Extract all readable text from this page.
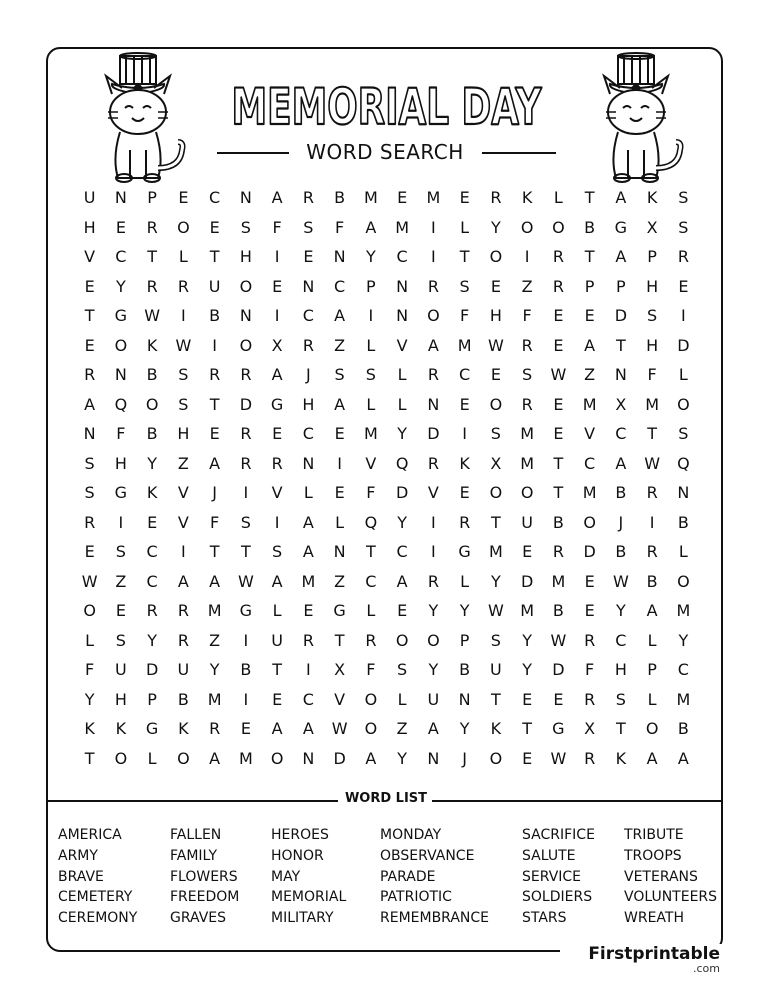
MEMORIAL DAY
WORD SEARCH
U	N	P	E	C	N	A	R	B	M	E	M	E	R	K	L	T	A	K	S
H	E	R	O	E	S	F	S	F	A	M	I	L	Y	O	O	B	G	X	S
V	C	T	L	T	H	I	E	N	Y	C	I	T	O	I	R	T	A	P	R
E	Y	R	R	U	O	E	N	C	P	N	R	S	E	Z	R	P	P	H	E
T	G	W	I	B	N	I	C	A	I	N	O	F	H	F	E	E	D	S	I
E	O	K	W	I	O	X	R	Z	L	V	A	M	W	R	E	A	T	H	D
R	N	B	S	R	R	A	J	S	S	L	R	C	E	S	W	Z	N	F	L
A	Q	O	S	T	D	G	H	A	L	L	N	E	O	R	E	M	X	M	O
N	F	B	H	E	R	E	C	E	M	Y	D	I	S	M	E	V	C	T	S
S	H	Y	Z	A	R	R	N	I	V	Q	R	K	X	M	T	C	A	W	Q
S	G	K	V	J	I	V	L	E	F	D	V	E	O	O	T	M	B	R	N
R	I	E	V	F	S	I	A	L	Q	Y	I	R	T	U	B	O	J	I	B
E	S	C	I	T	T	S	A	N	T	C	I	G	M	E	R	D	B	R	L
W	Z	C	A	A	W	A	M	Z	C	A	R	L	Y	D	M	E	W	B	O
O	E	R	R	M	G	L	E	G	L	E	Y	Y	W	M	B	E	Y	A	M
L	S	Y	R	Z	I	U	R	T	R	O	O	P	S	Y	W	R	C	L	Y
F	U	D	U	Y	B	T	I	X	F	S	Y	B	U	Y	D	F	H	P	C
Y	H	P	B	M	I	E	C	V	O	L	U	N	T	E	E	R	S	L	M
K	K	G	K	R	E	A	A	W	O	Z	A	Y	K	T	G	X	T	O	B
T	O	L	O	A	M	O	N	D	A	Y	N	J	O	E	W	R	K	A	A
WORD LIST
AMERICA
ARMY
BRAVE
CEMETERY
CEREMONY
FALLEN
FAMILY
FLOWERS
FREEDOM
GRAVES
HEROES
HONOR
MAY
MEMORIAL
MILITARY
MONDAY
OBSERVANCE
PARADE
PATRIOTIC
REMEMBRANCE
SACRIFICE
SALUTE
SERVICE
SOLDIERS
STARS
TRIBUTE
TROOPS
VETERANS
VOLUNTEERS
WREATH
Firstprintable
.com
